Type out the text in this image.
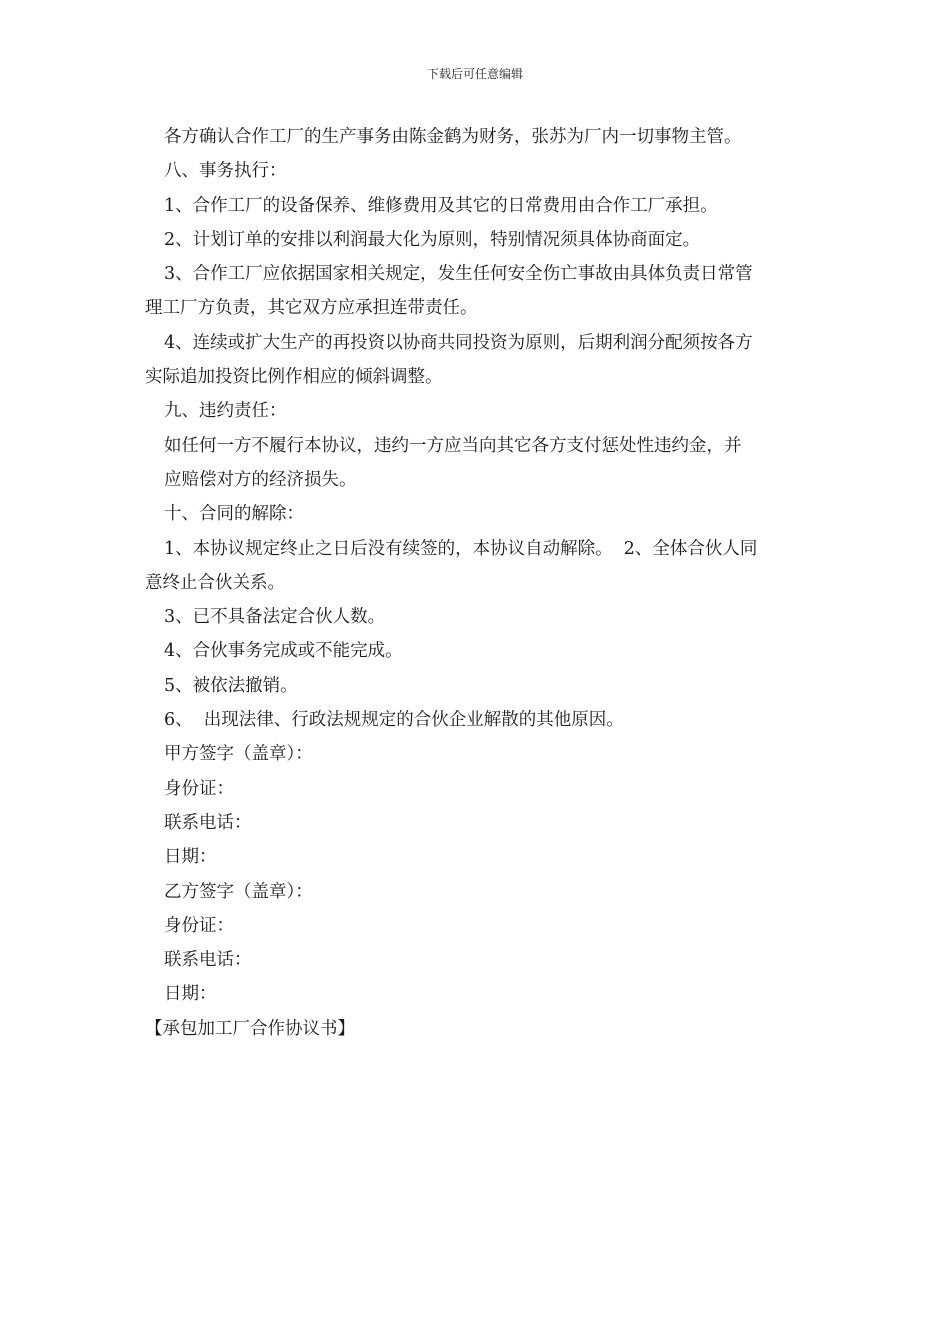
下载后可任意编辑

各方确认合作工厂的生产事务由陈金鹤为财务，张苏为厂内一切事物主管。

八、事务执行：

1、合作工厂的设备保养、维修费用及其它的日常费用由合作工厂承担。

2、计划订单的安排以利润最大化为原则，特别情况须具体协商面定。

3、合作工厂应依据国家相关规定，发生任何安全伤亡事故由具体负责日常管

理工厂方负责，其它双方应承担连带责任。

4、连续或扩大生产的再投资以协商共同投资为原则，后期利润分配须按各方

实际追加投资比例作相应的倾斜调整。

九、违约责任：

如任何一方不履行本协议，违约一方应当向其它各方支付惩处性违约金，并

应赔偿对方的经济损失。

十、合同的解除：

1、本协议规定终止之日后没有续签的，本协议自动解除。  2、全体合伙人同

意终止合伙关系。

3、已不具备法定合伙人数。

4、合伙事务完成或不能完成。

5、被依法撤销。

6、  出现法律、行政法规规定的合伙企业解散的其他原因。

甲方签字（盖章）：

身份证：

联系电话：

日期：

乙方签字（盖章）：

身份证：

联系电话：

日期：

【承包加工厂合作协议书】
